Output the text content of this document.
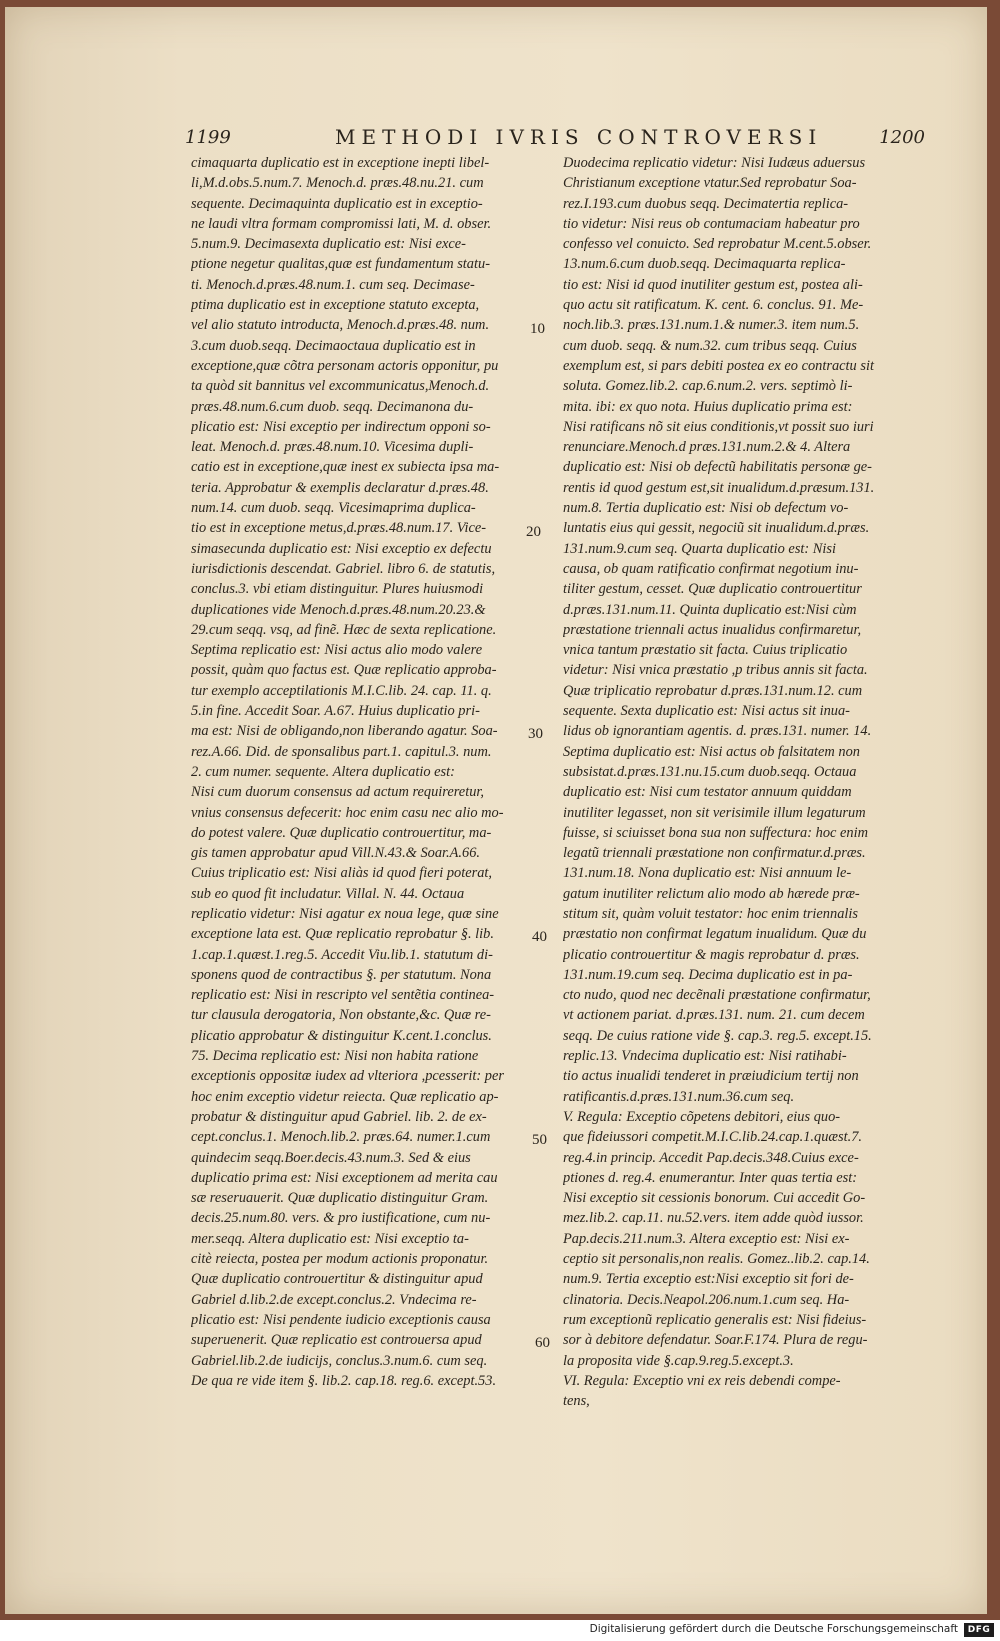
1199	METHODI IVRIS CONTROVERSI	1200
cimaquarta duplicatio est in exceptione inepti libel-
li,M.d.obs.5.num.7. Menoch.d. præs.48.nu.21. cum
sequente. Decimaquinta duplicatio est in exceptio-
ne laudi vltra formam compromissi lati, M. d. obser.
5.num.9. Decimasexta duplicatio est: Nisi exce-
ptione negetur qualitas,quæ est fundamentum statu-
ti. Menoch.d.præs.48.num.1. cum seq. Decimase-
ptima duplicatio est in exceptione statuto excepta,
vel alio statuto introducta, Menoch.d.præs.48. num.
3.cum duob.seqq. Decimaoctaua duplicatio est in
exceptione,quæ cõtra personam actoris opponitur, pu
ta quòd sit bannitus vel excommunicatus,Menoch.d.
præs.48.num.6.cum duob. seqq. Decimanona du-
plicatio est: Nisi exceptio per indirectum opponi so-
leat. Menoch.d. præs.48.num.10. Vicesima dupli-
catio est in exceptione,quæ inest ex subiecta ipsa ma-
teria. Approbatur & exemplis declaratur d.præs.48.
num.14. cum duob. seqq. Vicesimaprima duplica-
tio est in exceptione metus,d.præs.48.num.17. Vice-
simasecunda duplicatio est: Nisi exceptio ex defectu
iurisdictionis descendat. Gabriel. libro 6. de statutis,
conclus.3. vbi etiam distinguitur. Plures huiusmodi
duplicationes vide Menoch.d.præs.48.num.20.23.&
29.cum seqq. vsq, ad finẽ. Hæc de sexta replicatione.
Septima replicatio est: Nisi actus alio modo valere
possit, quàm quo factus est. Quæ replicatio approba-
tur exemplo acceptilationis M.I.C.lib. 24. cap. 11. q.
5.in fine. Accedit Soar. A.67. Huius duplicatio pri-
ma est: Nisi de obligando,non liberando agatur. Soa-
rez.A.66. Did. de sponsalibus part.1. capitul.3. num.
2. cum numer. sequente. Altera duplicatio est:
Nisi cum duorum consensus ad actum requireretur,
vnius consensus defecerit: hoc enim casu nec alio mo-
do potest valere. Quæ duplicatio controuertitur, ma-
gis tamen approbatur apud Vill.N.43.& Soar.A.66.
Cuius triplicatio est: Nisi aliàs id quod fieri poterat,
sub eo quod fit includatur. Villal. N. 44. Octaua
replicatio videtur: Nisi agatur ex noua lege, quæ sine
exceptione lata est. Quæ replicatio reprobatur §. lib.
1.cap.1.quæst.1.reg.5. Accedit Viu.lib.1. statutum di-
sponens quod de contractibus §. per statutum. Nona
replicatio est: Nisi in rescripto vel sentẽtia continea-
tur clausula derogatoria, Non obstante,&c. Quæ re-
plicatio approbatur & distinguitur K.cent.1.conclus.
75. Decima replicatio est: Nisi non habita ratione
exceptionis oppositæ iudex ad vlteriora ,pcesserit: per
hoc enim exceptio videtur reiecta. Quæ replicatio ap-
probatur & distinguitur apud Gabriel. lib. 2. de ex-
cept.conclus.1. Menoch.lib.2. præs.64. numer.1.cum
quindecim seqq.Boer.decis.43.num.3. Sed & eius
duplicatio prima est: Nisi exceptionem ad merita cau
sæ reseruauerit. Quæ duplicatio distinguitur Gram.
decis.25.num.80. vers. & pro iustificatione, cum nu-
mer.seqq. Altera duplicatio est: Nisi exceptio ta-
citè reiecta, postea per modum actionis proponatur.
Quæ duplicatio controuertitur & distinguitur apud
Gabriel d.lib.2.de except.conclus.2. Vndecima re-
plicatio est: Nisi pendente iudicio exceptionis causa
superuenerit. Quæ replicatio est controuersa apud
Gabriel.lib.2.de iudicijs, conclus.3.num.6. cum seq.
De qua re vide item §. lib.2. cap.18. reg.6. except.53.
Duodecima replicatio videtur: Nisi Iudæus aduersus
Christianum exceptione vtatur.Sed reprobatur Soa-
rez.I.193.cum duobus seqq. Decimatertia replica-
tio videtur: Nisi reus ob contumaciam habeatur pro
confesso vel conuicto. Sed reprobatur M.cent.5.obser.
13.num.6.cum duob.seqq. Decimaquarta replica-
tio est: Nisi id quod inutiliter gestum est, postea ali-
quo actu sit ratificatum. K. cent. 6. conclus. 91. Me-
noch.lib.3. præs.131.num.1.& numer.3. item num.5.
cum duob. seqq. & num.32. cum tribus seqq. Cuius
exemplum est, si pars debiti postea ex eo contractu sit
soluta. Gomez.lib.2. cap.6.num.2. vers. septimò li-
mita. ibi: ex quo nota. Huius duplicatio prima est:
Nisi ratificans nõ sit eius conditionis,vt possit suo iuri
renunciare.Menoch.d præs.131.num.2.& 4. Altera
duplicatio est: Nisi ob defectũ habilitatis personæ ge-
rentis id quod gestum est,sit inualidum.d.præsum.131.
num.8. Tertia duplicatio est: Nisi ob defectum vo-
luntatis eius qui gessit, negociũ sit inualidum.d.præs.
131.num.9.cum seq. Quarta duplicatio est: Nisi
causa, ob quam ratificatio confirmat negotium inu-
tiliter gestum, cesset. Quæ duplicatio controuertitur
d.præs.131.num.11. Quinta duplicatio est:Nisi cùm
præstatione triennali actus inualidus confirmaretur,
vnica tantum præstatio sit facta. Cuius triplicatio
videtur: Nisi vnica præstatio ,p tribus annis sit facta.
Quæ triplicatio reprobatur d.præs.131.num.12. cum
sequente. Sexta duplicatio est: Nisi actus sit inua-
lidus ob ignorantiam agentis. d. præs.131. numer. 14.
Septima duplicatio est: Nisi actus ob falsitatem non
subsistat.d.præs.131.nu.15.cum duob.seqq. Octaua
duplicatio est: Nisi cum testator annuum quiddam
inutiliter legasset, non sit verisimile illum legaturum
fuisse, si sciuisset bona sua non suffectura: hoc enim
legatũ triennali præstatione non confirmatur.d.præs.
131.num.18. Nona duplicatio est: Nisi annuum le-
gatum inutiliter relictum alio modo ab hærede præ-
stitum sit, quàm voluit testator: hoc enim triennalis
præstatio non confirmat legatum inualidum. Quæ du
plicatio controuertitur & magis reprobatur d. præs.
131.num.19.cum seq. Decima duplicatio est in pa-
cto nudo, quod nec decẽnali præstatione confirmatur,
vt actionem pariat. d.præs.131. num. 21. cum decem
seqq. De cuius ratione vide §. cap.3. reg.5. except.15.
replic.13. Vndecima duplicatio est: Nisi ratihabi-
tio actus inualidi tenderet in præiudicium tertij non
ratificantis.d.præs.131.num.36.cum seq.
V. Regula: Exceptio cõpetens debitori, eius quo-
que fideiussori competit.M.I.C.lib.24.cap.1.quæst.7.
reg.4.in princip. Accedit Pap.decis.348.Cuius exce-
ptiones d. reg.4. enumerantur. Inter quas tertia est:
Nisi exceptio sit cessionis bonorum. Cui accedit Go-
mez.lib.2. cap.11. nu.52.vers. item adde quòd iussor.
Pap.decis.211.num.3. Altera exceptio est: Nisi ex-
ceptio sit personalis,non realis. Gomez..lib.2. cap.14.
num.9. Tertia exceptio est:Nisi exceptio sit fori de-
clinatoria. Decis.Neapol.206.num.1.cum seq. Ha-
rum exceptionũ replicatio generalis est: Nisi fideius-
sor à debitore defendatur. Soar.F.174. Plura de regu-
la proposita vide §.cap.9.reg.5.except.3.
VI. Regula: Exceptio vni ex reis debendi compe-
tens,
10
20
30
40
50
60
Digitalisierung gefördert durch die Deutsche Forschungsgemeinschaft	DFG
